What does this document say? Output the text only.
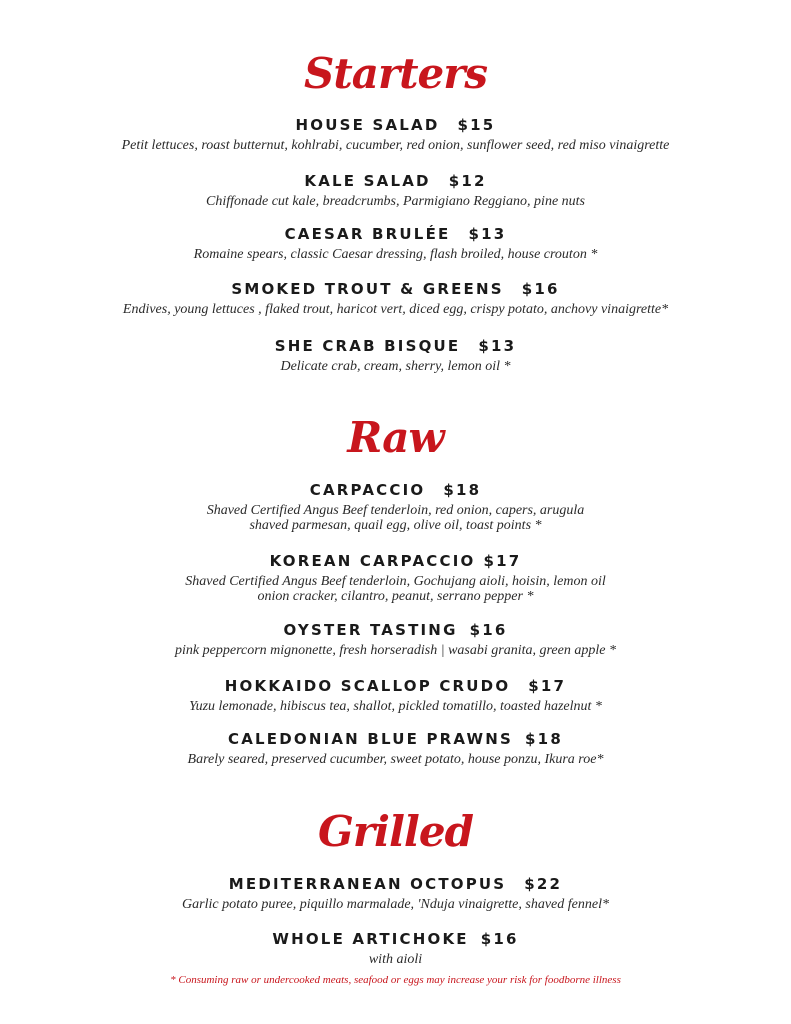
Starters
HOUSE SALAD $15
Petit lettuces, roast butternut, kohlrabi, cucumber, red onion, sunflower seed, red miso vinaigrette
KALE SALAD $12
Chiffonade cut kale, breadcrumbs, Parmigiano Reggiano, pine nuts
CAESAR BRULÉE $13
Romaine spears, classic Caesar dressing, flash broiled, house crouton *
SMOKED TROUT & GREENS $16
Endives, young lettuces , flaked trout, haricot vert, diced egg, crispy potato, anchovy vinaigrette*
SHE CRAB BISQUE $13
Delicate crab, cream, sherry, lemon oil *
Raw
CARPACCIO $18
Shaved Certified Angus Beef tenderloin, red onion, capers, arugula
shaved parmesan, quail egg, olive oil, toast points *
KOREAN CARPACCIO $17
Shaved Certified Angus Beef tenderloin, Gochujang aioli, hoisin, lemon oil
onion cracker, cilantro, peanut, serrano pepper *
OYSTER TASTING $16
pink peppercorn mignonette, fresh horseradish | wasabi granita, green apple *
HOKKAIDO SCALLOP CRUDO $17
Yuzu lemonade, hibiscus tea, shallot, pickled tomatillo, toasted hazelnut *
CALEDONIAN BLUE PRAWNS $18
Barely seared, preserved cucumber, sweet potato, house ponzu, Ikura roe*
Grilled
MEDITERRANEAN OCTOPUS $22
Garlic potato puree, piquillo marmalade, 'Nduja vinaigrette, shaved fennel*
WHOLE ARTICHOKE $16
with aioli
* Consuming raw or undercooked meats, seafood or eggs may increase your risk for foodborne illness
